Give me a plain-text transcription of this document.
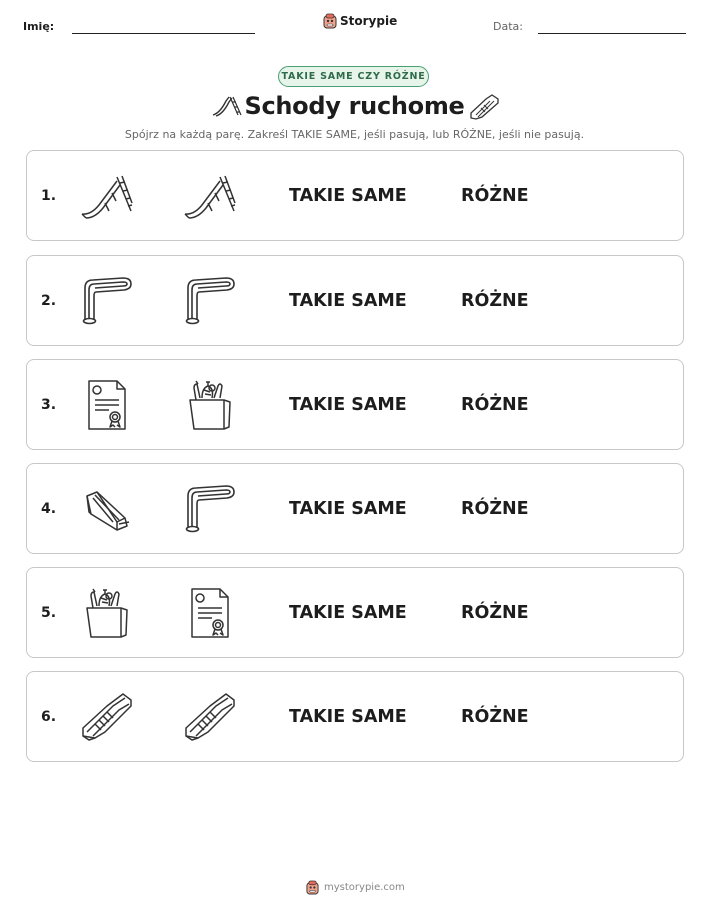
Imię:	Storypie	Data:
TAKIE SAME CZY RÓŻNE
Schody ruchome
Spójrz na każdą parę. Zakreśl TAKIE SAME, jeśli pasują, lub RÓŻNE, jeśli nie pasują.
1.	TAKIE SAME	RÓŻNE
2.	TAKIE SAME	RÓŻNE
3.	TAKIE SAME	RÓŻNE
4.	TAKIE SAME	RÓŻNE
5.	TAKIE SAME	RÓŻNE
6.	TAKIE SAME	RÓŻNE
mystorypie.com
